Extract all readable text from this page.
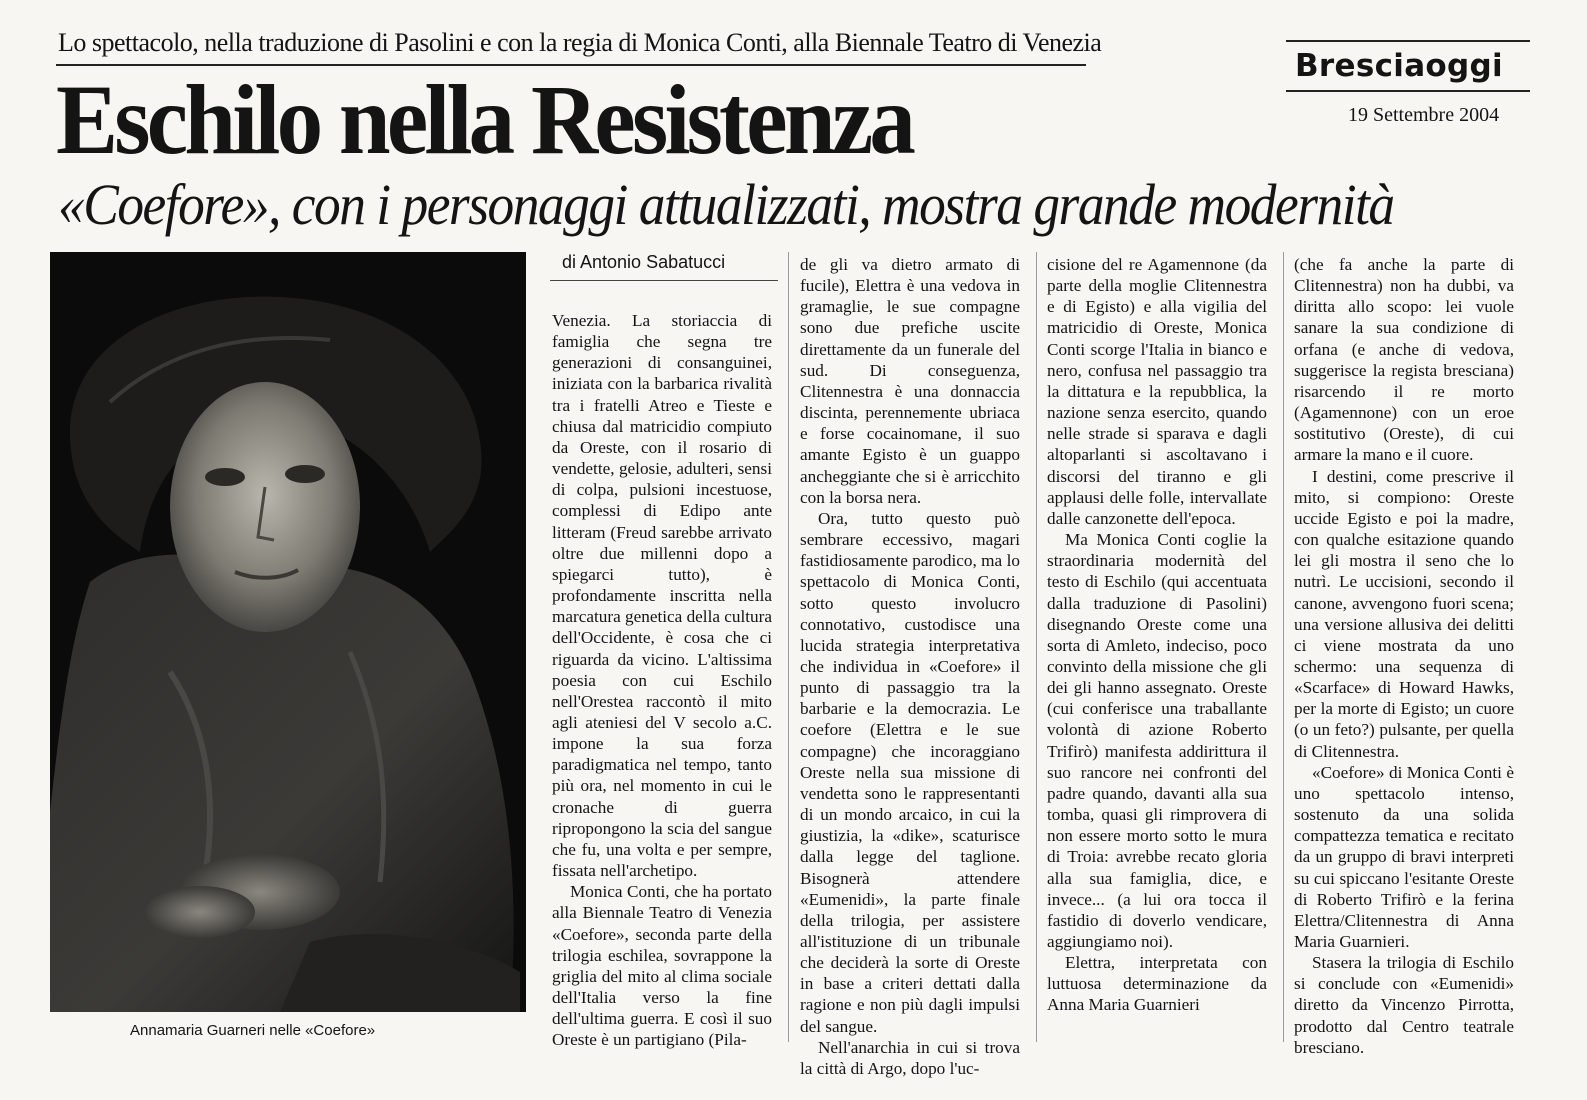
Lo spettacolo, nella traduzione di Pasolini e con la regia di Monica Conti, alla Biennale Teatro di Venezia
Bresciaoggi
19 Settembre 2004
Eschilo nella Resistenza
«Coefore», con i personaggi attualizzati, mostra grande modernità
Annamaria Guarneri nelle «Coefore»
di Antonio Sabatucci

Venezia. La storiaccia di famiglia che segna tre generazioni di consanguinei, iniziata con la barbarica rivalità tra i fratelli Atreo e Tieste e chiusa dal matricidio compiuto da Oreste, con il rosario di vendette, gelosie, adulteri, sensi di colpa, pulsioni incestuose, complessi di Edipo ante litteram (Freud sarebbe arrivato oltre due millenni dopo a spiegarci tutto), è profondamente inscritta nella marcatura genetica della cultura dell'Occidente, è cosa che ci riguarda da vicino. L'altissima poesia con cui Eschilo nell'Orestea raccontò il mito agli ateniesi del V secolo a.C. impone la sua forza paradigmatica nel tempo, tanto più ora, nel momento in cui le cronache di guerra ripropongono la scia del sangue che fu, una volta e per sempre, fissata nell'archetipo.

Monica Conti, che ha portato alla Biennale Teatro di Venezia «Coefore», seconda parte della trilogia eschilea, sovrappone la griglia del mito al clima sociale dell'Italia verso la fine dell'ultima guerra. E così il suo Oreste è un partigiano (Pila-

de gli va dietro armato di fucile), Elettra è una vedova in gramaglie, le sue compagne sono due prefiche uscite direttamente da un funerale del sud. Di conseguenza, Clitennestra è una donnaccia discinta, perennemente ubriaca e forse cocainomane, il suo amante Egisto è un guappo ancheggiante che si è arricchito con la borsa nera.

Ora, tutto questo può sembrare eccessivo, magari fastidiosamente parodico, ma lo spettacolo di Monica Conti, sotto questo involucro connotativo, custodisce una lucida strategia interpretativa che individua in «Coefore» il punto di passaggio tra la barbarie e la democrazia. Le coefore (Elettra e le sue compagne) che incoraggiano Oreste nella sua missione di vendetta sono le rappresentanti di un mondo arcaico, in cui la giustizia, la «dike», scaturisce dalla legge del taglione. Bisognerà attendere «Eumenidi», la parte finale della trilogia, per assistere all'istituzione di un tribunale che deciderà la sorte di Oreste in base a criteri dettati dalla ragione e non più dagli impulsi del sangue.

Nell'anarchia in cui si trova la città di Argo, dopo l'uc-

cisione del re Agamennone (da parte della moglie Clitennestra e di Egisto) e alla vigilia del matricidio di Oreste, Monica Conti scorge l'Italia in bianco e nero, confusa nel passaggio tra la dittatura e la repubblica, la nazione senza esercito, quando nelle strade si sparava e dagli altoparlanti si ascoltavano i discorsi del tiranno e gli applausi delle folle, intervallate dalle canzonette dell'epoca.

Ma Monica Conti coglie la straordinaria modernità del testo di Eschilo (qui accentuata dalla traduzione di Pasolini) disegnando Oreste come una sorta di Amleto, indeciso, poco convinto della missione che gli dei gli hanno assegnato. Oreste (cui conferisce una traballante volontà di azione Roberto Trifirò) manifesta addirittura il suo rancore nei confronti del padre quando, davanti alla sua tomba, quasi gli rimprovera di non essere morto sotto le mura di Troia: avrebbe recato gloria alla sua famiglia, dice, e invece... (a lui ora tocca il fastidio di doverlo vendicare, aggiungiamo noi).

Elettra, interpretata con luttuosa determinazione da Anna Maria Guarnieri

(che fa anche la parte di Clitennestra) non ha dubbi, va diritta allo scopo: lei vuole sanare la sua condizione di orfana (e anche di vedova, suggerisce la regista bresciana) risarcendo il re morto (Agamennone) con un eroe sostitutivo (Oreste), di cui armare la mano e il cuore.

I destini, come prescrive il mito, si compiono: Oreste uccide Egisto e poi la madre, con qualche esitazione quando lei gli mostra il seno che lo nutrì. Le uccisioni, secondo il canone, avvengono fuori scena; una versione allusiva dei delitti ci viene mostrata da uno schermo: una sequenza di «Scarface» di Howard Hawks, per la morte di Egisto; un cuore (o un feto?) pulsante, per quella di Clitennestra.

«Coefore» di Monica Conti è uno spettacolo intenso, sostenuto da una solida compattezza tematica e recitato da un gruppo di bravi interpreti su cui spiccano l'esitante Oreste di Roberto Trifirò e la ferina Elettra/Clitennestra di Anna Maria Guarnieri.

Stasera la trilogia di Eschilo si conclude con «Eumenidi» diretto da Vincenzo Pirrotta, prodotto dal Centro teatrale bresciano.
